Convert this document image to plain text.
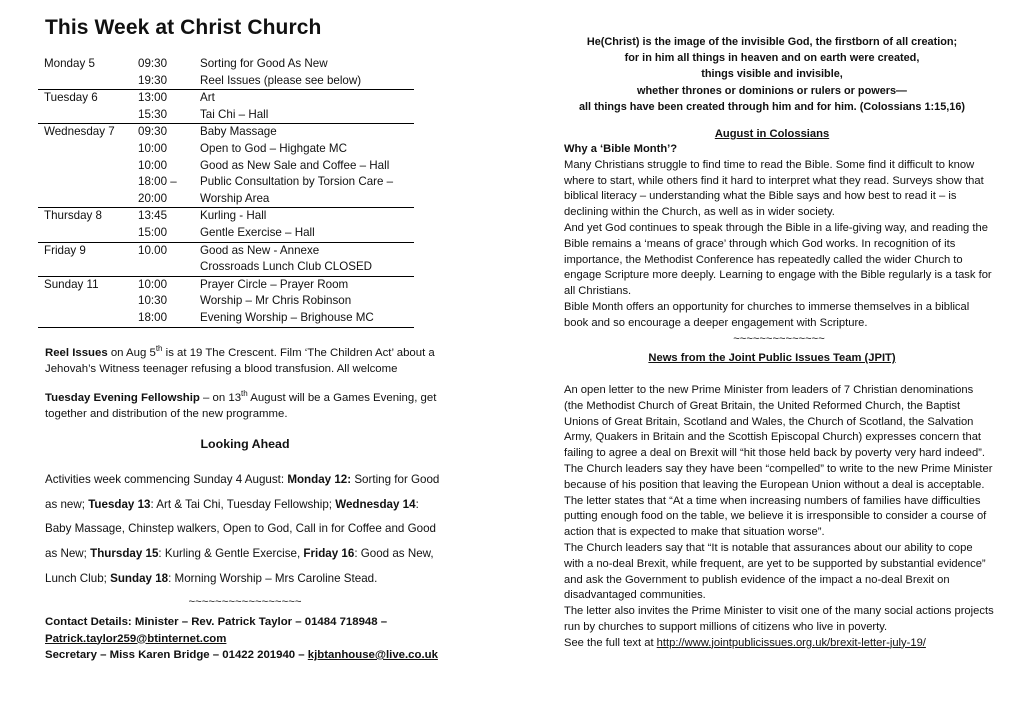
This Week at Christ Church
Monday 5	09:30	Sorting for Good As New
	19:30	Reel Issues (please see below)
Tuesday 6	13:00	Art
	15:30	Tai Chi – Hall
Wednesday 7	09:30	Baby Massage
	10:00	Open to God – Highgate MC
	10:00	Good as New Sale and Coffee – Hall
	18:00 –	Public Consultation by Torsion Care –
	20:00	Worship Area
Thursday 8	13:45	Kurling - Hall
	15:00	Gentle Exercise – Hall
Friday 9	10.00	Good as New - Annexe
		Crossroads Lunch Club CLOSED
Sunday 11	10:00	Prayer Circle – Prayer Room
	10:30	Worship – Mr Chris Robinson
	18:00	Evening Worship – Brighouse MC

Reel Issues on Aug 5th is at 19 The Crescent. Film ‘The Children Act’ about a Jehovah’s Witness teenager refusing a blood transfusion. All welcome

Tuesday Evening Fellowship – on 13th August will be a Games Evening, get together and distribution of the new programme.

Looking Ahead

Activities week commencing Sunday 4 August: Monday 12: Sorting for Good as new; Tuesday 13: Art & Tai Chi, Tuesday Fellowship; Wednesday 14: Baby Massage, Chinstep walkers, Open to God, Call in for Coffee and Good as New; Thursday 15: Kurling & Gentle Exercise, Friday 16: Good as New, Lunch Club; Sunday 18: Morning Worship – Mrs Caroline Stead.

~~~~~~~~~~~~~~~~~

Contact Details: Minister – Rev. Patrick Taylor – 01484 718948 –
Patrick.taylor259@btinternet.com
Secretary – Miss Karen Bridge – 01422 201940 – kjbtanhouse@live.co.uk

He(Christ) is the image of the invisible God, the firstborn of all creation;
for in him all things in heaven and on earth were created,
things visible and invisible,
whether thrones or dominions or rulers or powers—
all things have been created through him and for him. (Colossians 1:15,16)

August in Colossians

Why a ‘Bible Month’?

Many Christians struggle to find time to read the Bible. Some find it difficult to know where to start, while others find it hard to interpret what they read. Surveys show that biblical literacy – understanding what the Bible says and how best to read it – is declining within the Church, as well as in wider society.

And yet God continues to speak through the Bible in a life-giving way, and reading the Bible remains a ‘means of grace’ through which God works. In recognition of its importance, the Methodist Conference has repeatedly called the wider Church to engage Scripture more deeply. Learning to engage with the Bible regularly is a task for all Christians.

Bible Month offers an opportunity for churches to immerse themselves in a biblical book and so encourage a deeper engagement with Scripture.

~~~~~~~~~~~~~~

News from the Joint Public Issues Team (JPIT)

An open letter to the new Prime Minister from leaders of 7 Christian denominations (the Methodist Church of Great Britain, the United Reformed Church, the Baptist Unions of Great Britain, Scotland and Wales, the Church of Scotland, the Salvation Army, Quakers in Britain and the Scottish Episcopal Church) expresses concern that failing to agree a deal on Brexit will “hit those held back by poverty very hard indeed”.

The Church leaders say they have been “compelled” to write to the new Prime Minister because of his position that leaving the European Union without a deal is acceptable.

The letter states that “At a time when increasing numbers of families have difficulties putting enough food on the table, we believe it is irresponsible to consider a course of action that is expected to make that situation worse”.

The Church leaders say that “It is notable that assurances about our ability to cope with a no-deal Brexit, while frequent, are yet to be supported by substantial evidence” and ask the Government to publish evidence of the impact a no-deal Brexit on disadvantaged communities.

The letter also invites the Prime Minister to visit one of the many social actions projects run by churches to support millions of citizens who live in poverty.

See the full text at http://www.jointpublicissues.org.uk/brexit-letter-july-19/
